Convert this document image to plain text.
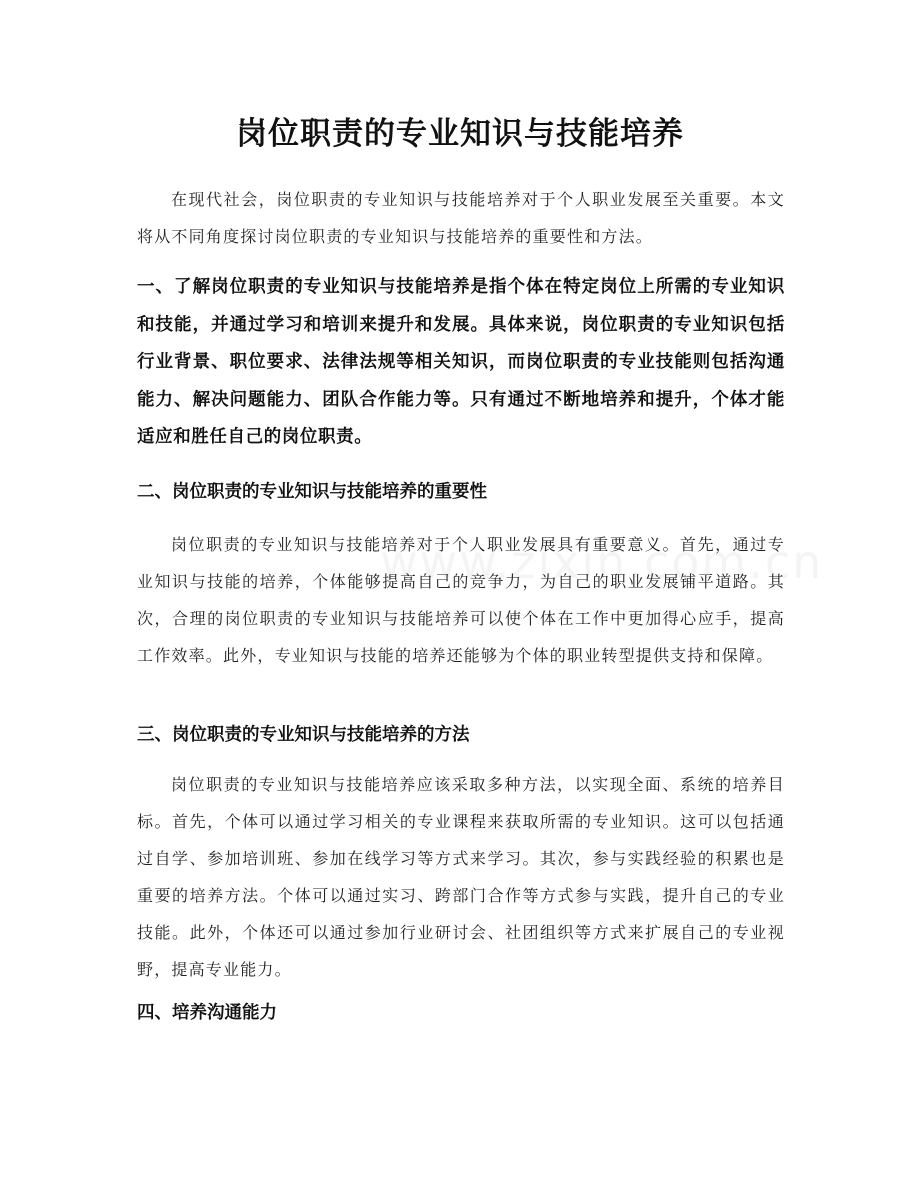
岗位职责的专业知识与技能培养

在现代社会，岗位职责的专业知识与技能培养对于个人职业发展至关重要。本文将从不同角度探讨岗位职责的专业知识与技能培养的重要性和方法。

一、了解岗位职责的专业知识与技能培养是指个体在特定岗位上所需的专业知识和技能，并通过学习和培训来提升和发展。具体来说，岗位职责的专业知识包括行业背景、职位要求、法律法规等相关知识，而岗位职责的专业技能则包括沟通能力、解决问题能力、团队合作能力等。只有通过不断地培养和提升，个体才能适应和胜任自己的岗位职责。

二、岗位职责的专业知识与技能培养的重要性

岗位职责的专业知识与技能培养对于个人职业发展具有重要意义。首先，通过专业知识与技能的培养，个体能够提高自己的竞争力，为自己的职业发展铺平道路。其次，合理的岗位职责的专业知识与技能培养可以使个体在工作中更加得心应手，提高工作效率。此外，专业知识与技能的培养还能够为个体的职业转型提供支持和保障。

三、岗位职责的专业知识与技能培养的方法

岗位职责的专业知识与技能培养应该采取多种方法，以实现全面、系统的培养目标。首先，个体可以通过学习相关的专业课程来获取所需的专业知识。这可以包括通过自学、参加培训班、参加在线学习等方式来学习。其次，参与实践经验的积累也是重要的培养方法。个体可以通过实习、跨部门合作等方式参与实践，提升自己的专业技能。此外，个体还可以通过参加行业研讨会、社团组织等方式来扩展自己的专业视野，提高专业能力。

四、培养沟通能力
